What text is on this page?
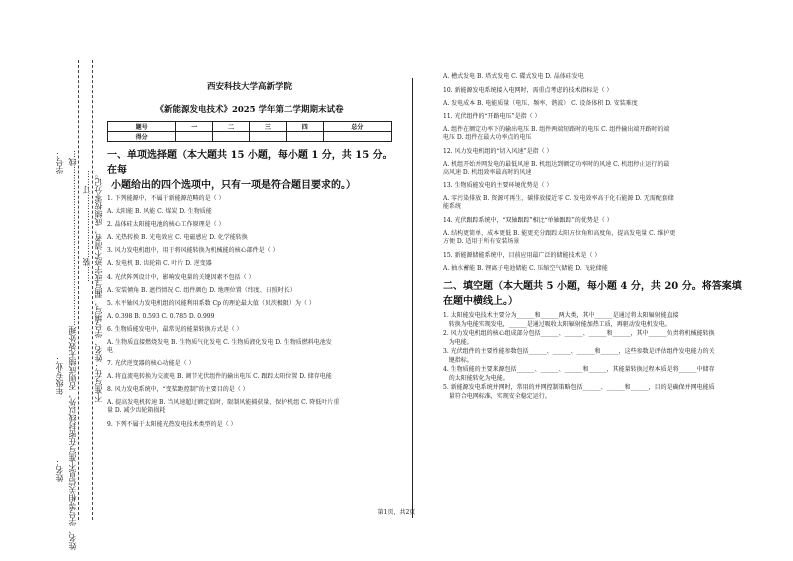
姓名：
年级专业：
学号： 姓名、学号等相关信息不准写在密封线以外，否则成绩无效处理……………………………………………………线… ……装……………………订…… 不准写在：姓名、学号填写，漏写或字迹不清者，成绩按零分记。
西安科技大学高新学院
《新能源发电技术》2025 学年第二学期期末试卷
题号	一	二	三	四	总分
得分					
一、单项选择题（本大题共 15 小题，每小题 1 分，共 15 分。在每
小题给出的四个选项中，只有一项是符合题目要求的。）
1. 下列能源中，不属于新能源范畴的是（ ）
A. 太阳能 B. 风能 C. 煤炭 D. 生物质能
2. 晶体硅太阳能电池的核心工作原理是（ ）
A. 光热转换 B. 光电效应 C. 电磁感应 D. 化学能转换
3. 风力发电机组中，用于将风能转换为机械能的核心部件是（ ）
A. 发电机 B. 齿轮箱 C. 叶片 D. 逆变器
4. 光伏阵列设计中，影响发电量的关键因素不包括（ ）
A. 安装倾角 B. 遮挡情况 C. 组件颜色 D. 地理位置（纬度、日照时长）
5. 水平轴风力发电机组的风能利用系数 Cp 的理论最大值（贝茨极限）为（ ）
A. 0.398 B. 0.593 C. 0.785 D. 0.999
6. 生物质能发电中，最常见的能量转换方式是（ ）
A. 生物质直接燃烧发电 B. 生物质气化发电 C. 生物质液化发电 D. 生物质燃料电池发
电
7. 光伏逆变器的核心功能是（ ）
A. 将直流电转换为交流电 B. 调节光伏组件的输出电压 C. 跟踪太阳位置 D. 储存电能
8. 风力发电系统中，“变桨距控制”的主要目的是（ ）
A. 提高发电机转速 B. 当风速超过额定值时，限制风能捕获量，保护机组 C. 降低叶片重
量 D. 减少齿轮箱损耗
9. 下列不属于太阳能光热发电技术类型的是（ ）
A. 槽式发电 B. 塔式发电 C. 碟式发电 D. 晶体硅发电
10. 新能源发电系统接入电网时，需重点考虑的技术指标是（ ）
A. 发电成本 B. 电能质量（电压、频率、谐波） C. 设备体积 D. 安装难度
11. 光伏组件的“开路电压”是指（ ）
A. 组件在额定功率下的输出电压 B. 组件两端短路时的电压 C. 组件输出端开路时的端
电压 D. 组件在最大功率点的电压
12. 风力发电机组的“切入风速”是指（ ）
A. 机组开始并网发电的最低风速 B. 机组达到额定功率时的风速 C. 机组停止运行的最
高风速 D. 机组效率最高时的风速
13. 生物质能发电的主要环境优势是（ ）
A. 零污染排放 B. 资源可再生，碳排放接近零 C. 发电效率高于化石能源 D. 无需配套储
能系统
14. 光伏跟踪系统中，“双轴跟踪”相比“单轴跟踪”的优势是（ ）
A. 结构更简单，成本更低 B. 能更充分跟踪太阳方位角和高度角，提高发电量 C. 维护更
方便 D. 适用于所有安装场景
15. 新能源储能系统中，目前应用最广泛的储能技术是（ ）
A. 抽水蓄能 B. 锂离子电池储能 C. 压缩空气储能 D. 飞轮储能
二、填空题（本大题共 5 小题，每小题 4 分，共 20 分。将答案填
在题中横线上。）
1. 太阳能发电技术主要分为______和______两大类，其中______是通过将太阳辐射能直接
转换为电能实现发电，______是通过吸收太阳辐射能加热工质，再驱动发电机发电。
2. 风力发电机组的核心组成部分包括______、______、______和______，其中______负责将机械能转换
为电能。
3. 光伏组件的主要性能参数包括______、______、______和______，这些参数是评估组件发电能力的关
键指标。
4. 生物质能的主要来源包括______、______、______和______，其能量转换过程本质是将______中储存
的太阳能转化为电能。
5. 新能源发电系统并网时，常用的并网控制策略包括______、______和______，目的是确保并网电能质
量符合电网标准，实现安全稳定运行。
第1页，共2页
